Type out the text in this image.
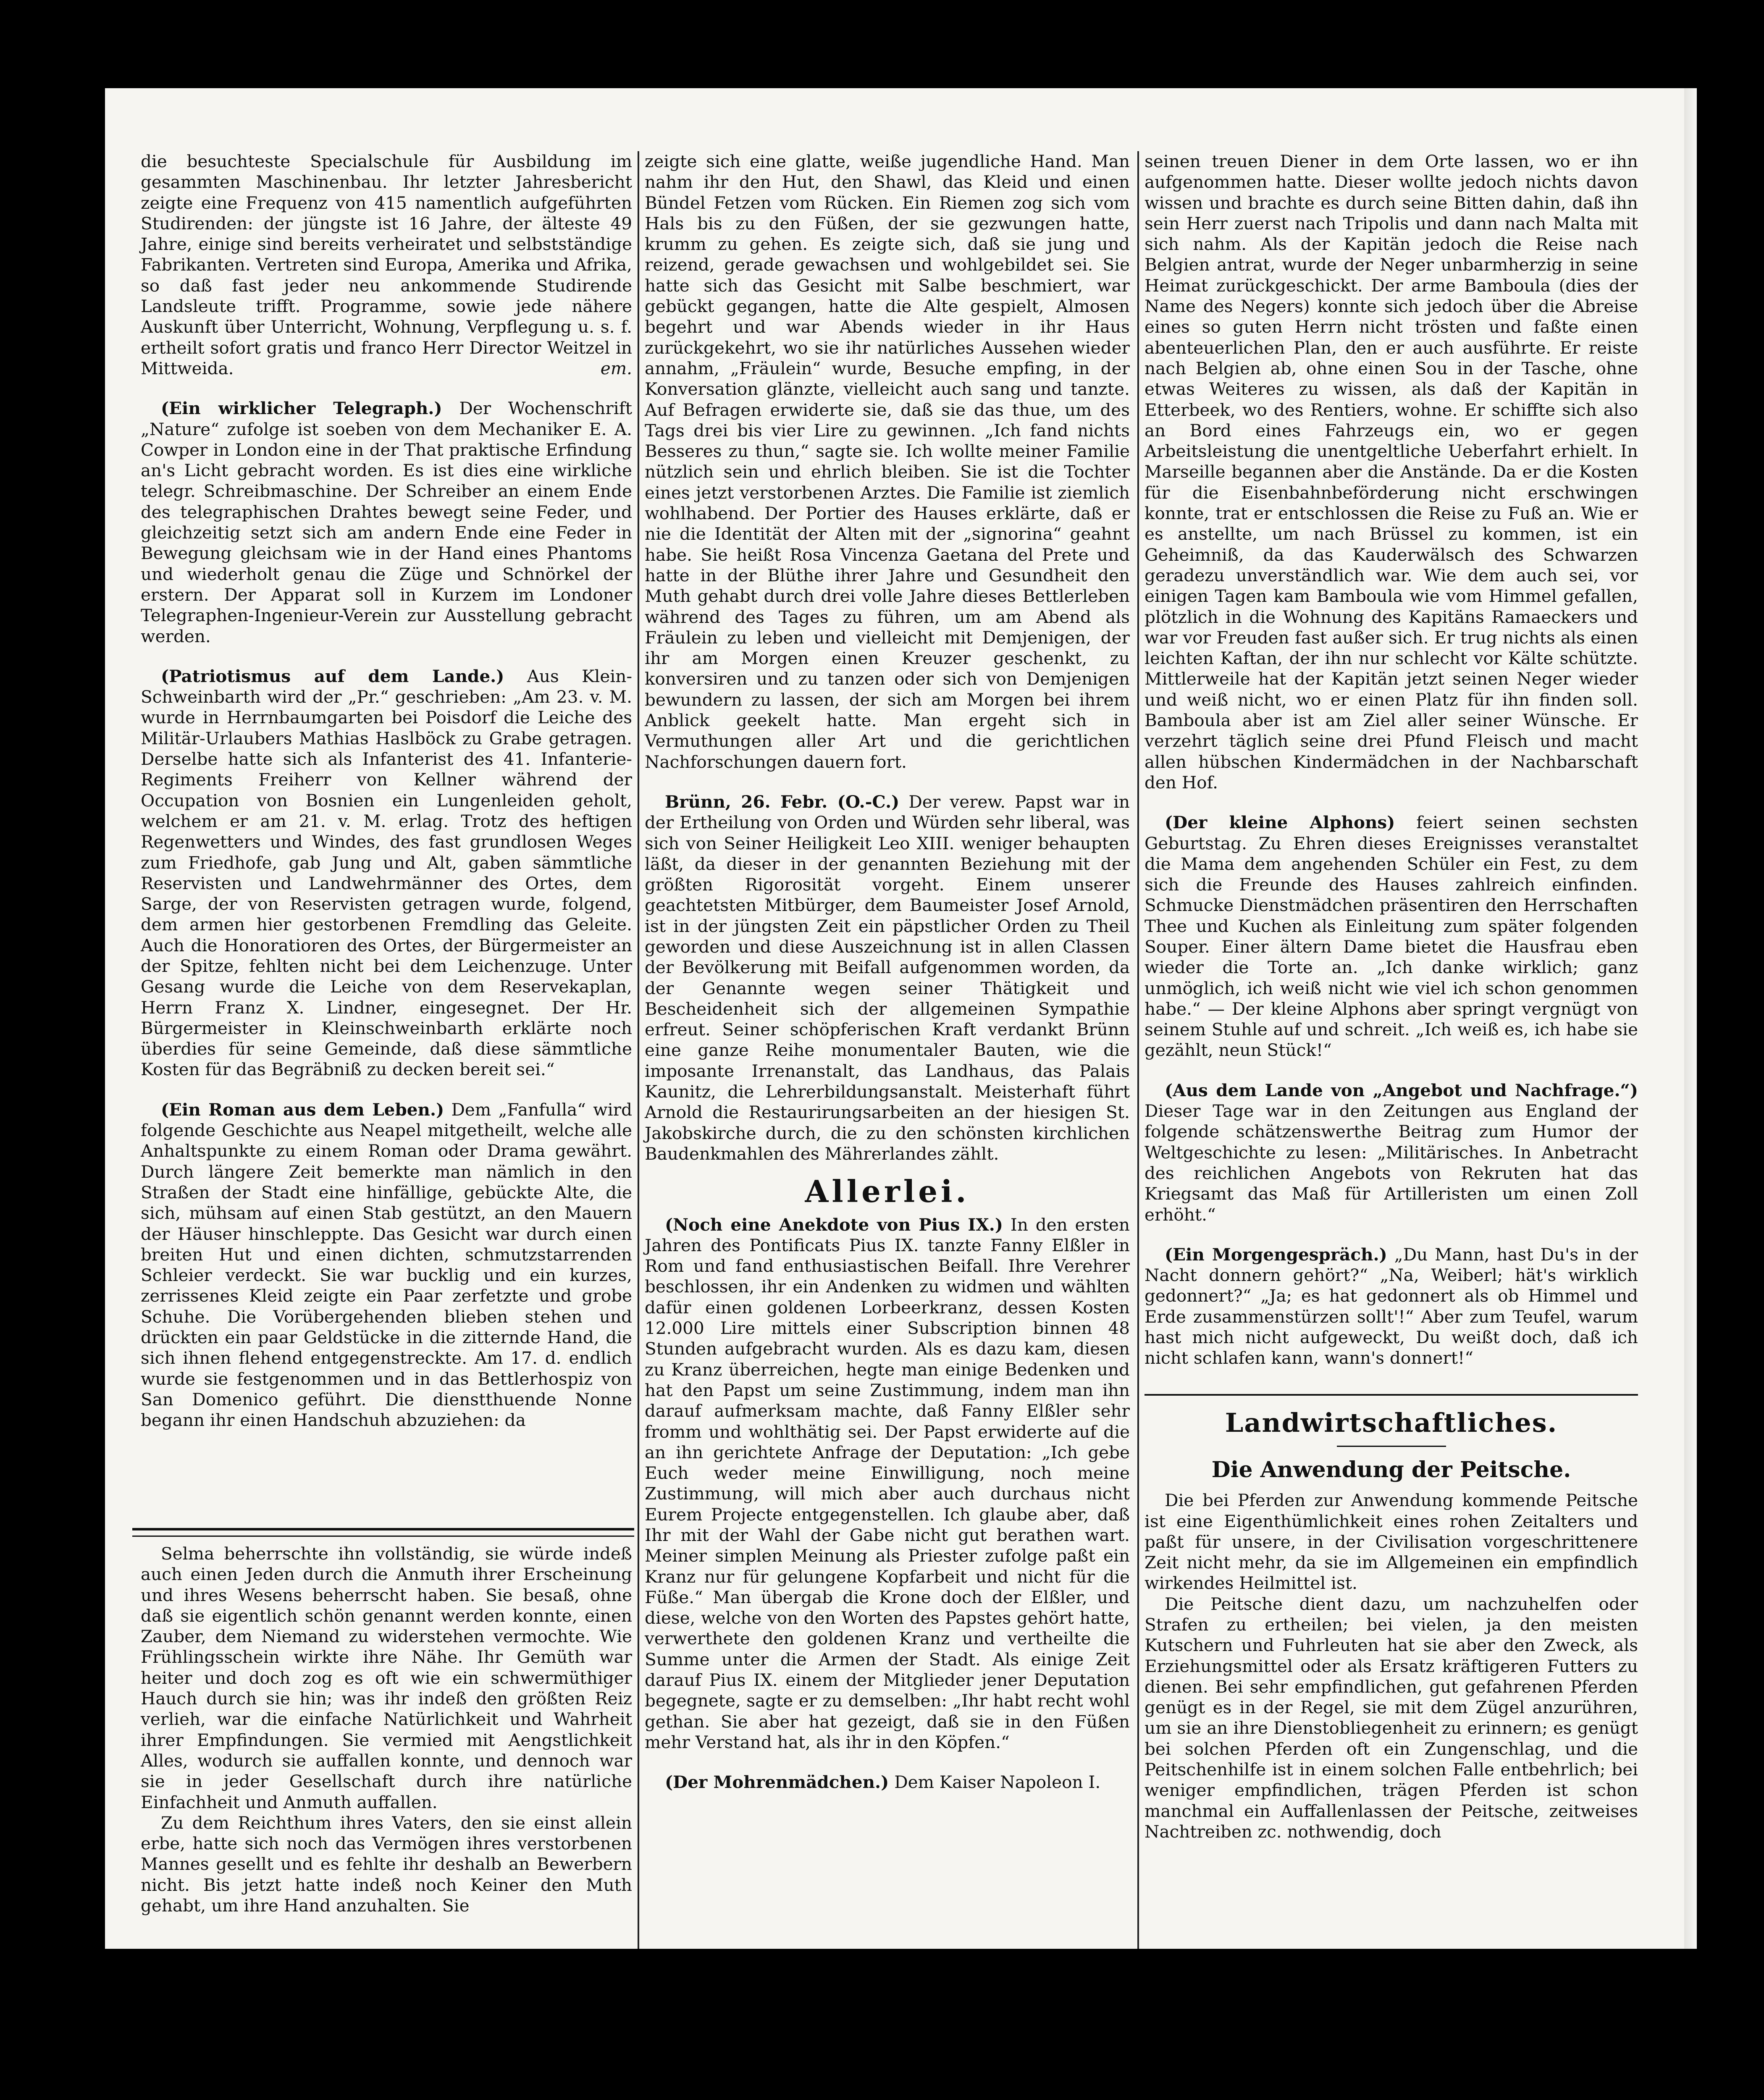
die besuchteste Specialschule für Ausbildung im gesammten Maschinenbau. Ihr letzter Jahresbericht zeigte eine Frequenz von 415 namentlich aufgeführten Studirenden: der jüngste ist 16 Jahre, der älteste 49 Jahre, einige sind bereits verheiratet und selbstständige Fabrikanten. Vertreten sind Europa, Amerika und Afrika, so daß fast jeder neu ankommende Studirende Landsleute trifft. Programme, sowie jede nähere Auskunft über Unterricht, Wohnung, Verpflegung u. s. f. ertheilt sofort gratis und franco Herr Director Weitzel in Mittweida.	em.

(Ein wirklicher Telegraph.) Der Wochenschrift „Nature“ zufolge ist soeben von dem Mechaniker E. A. Cowper in London eine in der That praktische Erfindung an's Licht gebracht worden. Es ist dies eine wirkliche telegr. Schreibmaschine. Der Schreiber an einem Ende des telegraphischen Drahtes bewegt seine Feder, und gleichzeitig setzt sich am andern Ende eine Feder in Bewegung gleichsam wie in der Hand eines Phantoms und wiederholt genau die Züge und Schnörkel der erstern. Der Apparat soll in Kurzem im Londoner Telegraphen-Ingenieur-Verein zur Ausstellung gebracht werden.

(Patriotismus auf dem Lande.) Aus Klein-Schweinbarth wird der „Pr.“ geschrieben: „Am 23. v. M. wurde in Herrnbaumgarten bei Poisdorf die Leiche des Militär-Urlaubers Mathias Haslböck zu Grabe getragen. Derselbe hatte sich als Infanterist des 41. Infanterie-Regiments Freiherr von Kellner während der Occupation von Bosnien ein Lungenleiden geholt, welchem er am 21. v. M. erlag. Trotz des heftigen Regenwetters und Windes, des fast grundlosen Weges zum Friedhofe, gab Jung und Alt, gaben sämmtliche Reservisten und Landwehrmänner des Ortes, dem Sarge, der von Reservisten getragen wurde, folgend, dem armen hier gestorbenen Fremdling das Geleite. Auch die Honoratioren des Ortes, der Bürgermeister an der Spitze, fehlten nicht bei dem Leichenzuge. Unter Gesang wurde die Leiche von dem Reservekaplan, Herrn Franz X. Lindner, eingesegnet. Der Hr. Bürgermeister in Kleinschweinbarth erklärte noch überdies für seine Gemeinde, daß diese sämmtliche Kosten für das Begräbniß zu decken bereit sei.“

(Ein Roman aus dem Leben.) Dem „Fanfulla“ wird folgende Geschichte aus Neapel mitgetheilt, welche alle Anhaltspunkte zu einem Roman oder Drama gewährt. Durch längere Zeit bemerkte man nämlich in den Straßen der Stadt eine hinfällige, gebückte Alte, die sich, mühsam auf einen Stab gestützt, an den Mauern der Häuser hinschleppte. Das Gesicht war durch einen breiten Hut und einen dichten, schmutzstarrenden Schleier verdeckt. Sie war bucklig und ein kurzes, zerrissenes Kleid zeigte ein Paar zerfetzte und grobe Schuhe. Die Vorübergehenden blieben stehen und drückten ein paar Geldstücke in die zitternde Hand, die sich ihnen flehend entgegenstreckte. Am 17. d. endlich wurde sie festgenommen und in das Bettlerhospiz von San Domenico geführt. Die dienstthuende Nonne begann ihr einen Handschuh abzuziehen: da

Selma beherrschte ihn vollständig, sie würde indeß auch einen Jeden durch die Anmuth ihrer Erscheinung und ihres Wesens beherrscht haben. Sie besaß, ohne daß sie eigentlich schön genannt werden konnte, einen Zauber, dem Niemand zu widerstehen vermochte. Wie Frühlingsschein wirkte ihre Nähe. Ihr Gemüth war heiter und doch zog es oft wie ein schwermüthiger Hauch durch sie hin; was ihr indeß den größten Reiz verlieh, war die einfache Natürlichkeit und Wahrheit ihrer Empfindungen. Sie vermied mit Aengstlichkeit Alles, wodurch sie auffallen konnte, und dennoch war sie in jeder Gesellschaft durch ihre natürliche Einfachheit und Anmuth auffallen.

Zu dem Reichthum ihres Vaters, den sie einst allein erbe, hatte sich noch das Vermögen ihres verstorbenen Mannes gesellt und es fehlte ihr deshalb an Bewerbern nicht. Bis jetzt hatte indeß noch Keiner den Muth gehabt, um ihre Hand anzuhalten. Sie

zeigte sich eine glatte, weiße jugendliche Hand. Man nahm ihr den Hut, den Shawl, das Kleid und einen Bündel Fetzen vom Rücken. Ein Riemen zog sich vom Hals bis zu den Füßen, der sie gezwungen hatte, krumm zu gehen. Es zeigte sich, daß sie jung und reizend, gerade gewachsen und wohlgebildet sei. Sie hatte sich das Gesicht mit Salbe beschmiert, war gebückt gegangen, hatte die Alte gespielt, Almosen begehrt und war Abends wieder in ihr Haus zurückgekehrt, wo sie ihr natürliches Aussehen wieder annahm, „Fräulein“ wurde, Besuche empfing, in der Konversation glänzte, vielleicht auch sang und tanzte. Auf Befragen erwiderte sie, daß sie das thue, um des Tags drei bis vier Lire zu gewinnen. „Ich fand nichts Besseres zu thun,“ sagte sie. Ich wollte meiner Familie nützlich sein und ehrlich bleiben. Sie ist die Tochter eines jetzt verstorbenen Arztes. Die Familie ist ziemlich wohlhabend. Der Portier des Hauses erklärte, daß er nie die Identität der Alten mit der „signorina“ geahnt habe. Sie heißt Rosa Vincenza Gaetana del Prete und hatte in der Blüthe ihrer Jahre und Gesundheit den Muth gehabt durch drei volle Jahre dieses Bettlerleben während des Tages zu führen, um am Abend als Fräulein zu leben und vielleicht mit Demjenigen, der ihr am Morgen einen Kreuzer geschenkt, zu konversiren und zu tanzen oder sich von Demjenigen bewundern zu lassen, der sich am Morgen bei ihrem Anblick geekelt hatte. Man ergeht sich in Vermuthungen aller Art und die gerichtlichen Nachforschungen dauern fort.

Brünn, 26. Febr. (O.-C.) Der verew. Papst war in der Ertheilung von Orden und Würden sehr liberal, was sich von Seiner Heiligkeit Leo XIII. weniger behaupten läßt, da dieser in der genannten Beziehung mit der größten Rigorosität vorgeht. Einem unserer geachtetsten Mitbürger, dem Baumeister Josef Arnold, ist in der jüngsten Zeit ein päpstlicher Orden zu Theil geworden und diese Auszeichnung ist in allen Classen der Bevölkerung mit Beifall aufgenommen worden, da der Genannte wegen seiner Thätigkeit und Bescheidenheit sich der allgemeinen Sympathie erfreut. Seiner schöpferischen Kraft verdankt Brünn eine ganze Reihe monumentaler Bauten, wie die imposante Irrenanstalt, das Landhaus, das Palais Kaunitz, die Lehrerbildungsanstalt. Meisterhaft führt Arnold die Restaurirungsarbeiten an der hiesigen St. Jakobskirche durch, die zu den schönsten kirchlichen Baudenkmahlen des Mährerlandes zählt.

Allerlei.

(Noch eine Anekdote von Pius IX.) In den ersten Jahren des Pontificats Pius IX. tanzte Fanny Elßler in Rom und fand enthusiastischen Beifall. Ihre Verehrer beschlossen, ihr ein Andenken zu widmen und wählten dafür einen goldenen Lorbeerkranz, dessen Kosten 12.000 Lire mittels einer Subscription binnen 48 Stunden aufgebracht wurden. Als es dazu kam, diesen zu Kranz überreichen, hegte man einige Bedenken und hat den Papst um seine Zustimmung, indem man ihn darauf aufmerksam machte, daß Fanny Elßler sehr fromm und wohlthätig sei. Der Papst erwiderte auf die an ihn gerichtete Anfrage der Deputation: „Ich gebe Euch weder meine Einwilligung, noch meine Zustimmung, will mich aber auch durchaus nicht Eurem Projecte entgegenstellen. Ich glaube aber, daß Ihr mit der Wahl der Gabe nicht gut berathen wart. Meiner simplen Meinung als Priester zufolge paßt ein Kranz nur für gelungene Kopfarbeit und nicht für die Füße.“ Man übergab die Krone doch der Elßler, und diese, welche von den Worten des Papstes gehört hatte, verwerthete den goldenen Kranz und vertheilte die Summe unter die Armen der Stadt. Als einige Zeit darauf Pius IX. einem der Mitglieder jener Deputation begegnete, sagte er zu demselben: „Ihr habt recht wohl gethan. Sie aber hat gezeigt, daß sie in den Füßen mehr Verstand hat, als ihr in den Köpfen.“

(Der Mohrenmädchen.) Dem Kaiser Napoleon I.

seinen treuen Diener in dem Orte lassen, wo er ihn aufgenommen hatte. Dieser wollte jedoch nichts davon wissen und brachte es durch seine Bitten dahin, daß ihn sein Herr zuerst nach Tripolis und dann nach Malta mit sich nahm. Als der Kapitän jedoch die Reise nach Belgien antrat, wurde der Neger unbarmherzig in seine Heimat zurückgeschickt. Der arme Bamboula (dies der Name des Negers) konnte sich jedoch über die Abreise eines so guten Herrn nicht trösten und faßte einen abenteuerlichen Plan, den er auch ausführte. Er reiste nach Belgien ab, ohne einen Sou in der Tasche, ohne etwas Weiteres zu wissen, als daß der Kapitän in Etterbeek, wo des Rentiers, wohne. Er schiffte sich also an Bord eines Fahrzeugs ein, wo er gegen Arbeitsleistung die unentgeltliche Ueberfahrt erhielt. In Marseille begannen aber die Anstände. Da er die Kosten für die Eisenbahnbeförderung nicht erschwingen konnte, trat er entschlossen die Reise zu Fuß an. Wie er es anstellte, um nach Brüssel zu kommen, ist ein Geheimniß, da das Kauderwälsch des Schwarzen geradezu unverständlich war. Wie dem auch sei, vor einigen Tagen kam Bamboula wie vom Himmel gefallen, plötzlich in die Wohnung des Kapitäns Ramaeckers und war vor Freuden fast außer sich. Er trug nichts als einen leichten Kaftan, der ihn nur schlecht vor Kälte schützte. Mittlerweile hat der Kapitän jetzt seinen Neger wieder und weiß nicht, wo er einen Platz für ihn finden soll. Bamboula aber ist am Ziel aller seiner Wünsche. Er verzehrt täglich seine drei Pfund Fleisch und macht allen hübschen Kindermädchen in der Nachbarschaft den Hof.

(Der kleine Alphons) feiert seinen sechsten Geburtstag. Zu Ehren dieses Ereignisses veranstaltet die Mama dem angehenden Schüler ein Fest, zu dem sich die Freunde des Hauses zahlreich einfinden. Schmucke Dienstmädchen präsentiren den Herrschaften Thee und Kuchen als Einleitung zum später folgenden Souper. Einer ältern Dame bietet die Hausfrau eben wieder die Torte an. „Ich danke wirklich; ganz unmöglich, ich weiß nicht wie viel ich schon genommen habe.“ — Der kleine Alphons aber springt vergnügt von seinem Stuhle auf und schreit. „Ich weiß es, ich habe sie gezählt, neun Stück!“

(Aus dem Lande von „Angebot und Nachfrage.“) Dieser Tage war in den Zeitungen aus England der folgende schätzenswerthe Beitrag zum Humor der Weltgeschichte zu lesen: „Militärisches. In Anbetracht des reichlichen Angebots von Rekruten hat das Kriegsamt das Maß für Artilleristen um einen Zoll erhöht.“

(Ein Morgengespräch.) „Du Mann, hast Du's in der Nacht donnern gehört?“ „Na, Weiberl; hät's wirklich gedonnert?“ „Ja; es hat gedonnert als ob Himmel und Erde zusammenstürzen sollt'!“ Aber zum Teufel, warum hast mich nicht aufgeweckt, Du weißt doch, daß ich nicht schlafen kann, wann's donnert!“

Landwirtschaftliches.
Die Anwendung der Peitsche.

Die bei Pferden zur Anwendung kommende Peitsche ist eine Eigenthümlichkeit eines rohen Zeitalters und paßt für unsere, in der Civilisation vorgeschrittenere Zeit nicht mehr, da sie im Allgemeinen ein empfindlich wirkendes Heilmittel ist.

Die Peitsche dient dazu, um nachzuhelfen oder Strafen zu ertheilen; bei vielen, ja den meisten Kutschern und Fuhrleuten hat sie aber den Zweck, als Erziehungsmittel oder als Ersatz kräftigeren Futters zu dienen. Bei sehr empfindlichen, gut gefahrenen Pferden genügt es in der Regel, sie mit dem Zügel anzurühren, um sie an ihre Dienstobliegenheit zu erinnern; es genügt bei solchen Pferden oft ein Zungenschlag, und die Peitschenhilfe ist in einem solchen Falle entbehrlich; bei weniger empfindlichen, trägen Pferden ist schon manchmal ein Auffallenlassen der Peitsche, zeitweises Nachtreiben zc. nothwendig, doch
